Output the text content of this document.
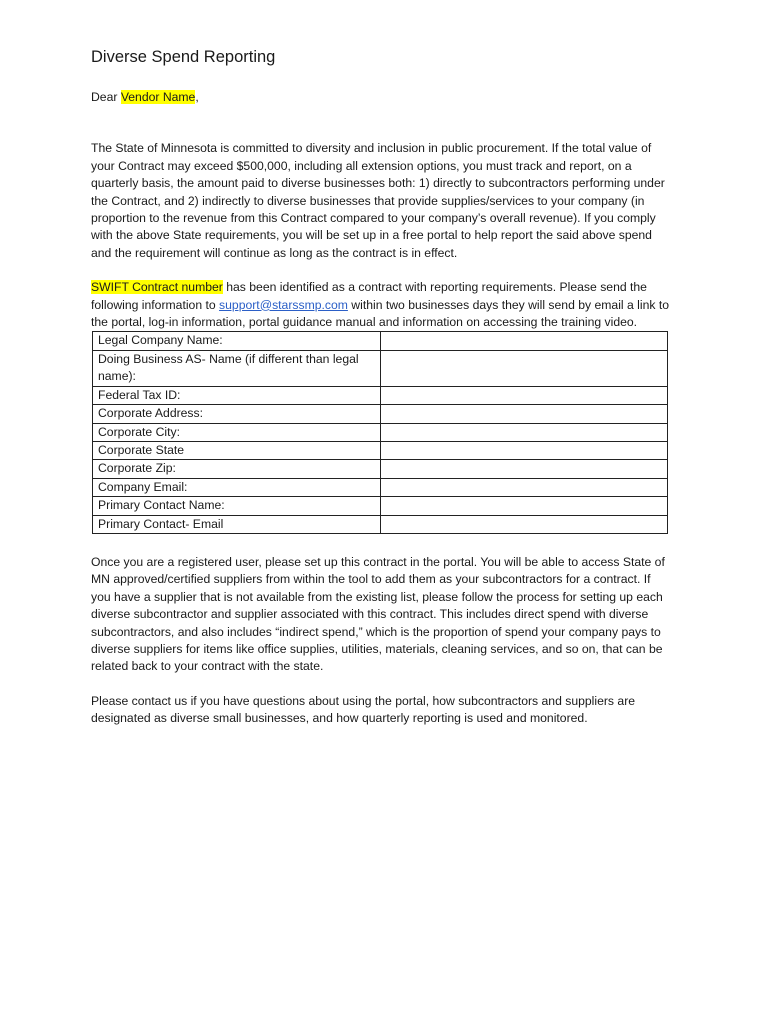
Diverse Spend Reporting

Dear Vendor Name,

The State of Minnesota is committed to diversity and inclusion in public procurement. If the total value of your Contract may exceed $500,000, including all extension options, you must track and report, on a quarterly basis, the amount paid to diverse businesses both: 1) directly to subcontractors performing under the Contract, and 2) indirectly to diverse businesses that provide supplies/services to your company (in proportion to the revenue from this Contract compared to your company’s overall revenue). If you comply with the above State requirements, you will be set up in a free portal to help report the said above spend and the requirement will continue as long as the contract is in effect.

SWIFT Contract number has been identified as a contract with reporting requirements. Please send the following information to support@starssmp.com within two businesses days they will send by email a link to the portal, log-in information, portal guidance manual and information on accessing the training video.

Legal Company Name:	
Doing Business AS- Name (if different than legal name):	
Federal Tax ID:	
Corporate Address:	
Corporate City:	
Corporate State	
Corporate Zip:	
Company Email:	
Primary Contact Name:	
Primary Contact- Email	

Once you are a registered user, please set up this contract in the portal. You will be able to access State of MN approved/certified suppliers from within the tool to add them as your subcontractors for a contract. If you have a supplier that is not available from the existing list, please follow the process for setting up each diverse subcontractor and supplier associated with this contract. This includes direct spend with diverse subcontractors, and also includes “indirect spend,” which is the proportion of spend your company pays to diverse suppliers for items like office supplies, utilities, materials, cleaning services, and so on, that can be related back to your contract with the state.

Please contact us if you have questions about using the portal, how subcontractors and suppliers are designated as diverse small businesses, and how quarterly reporting is used and monitored.
